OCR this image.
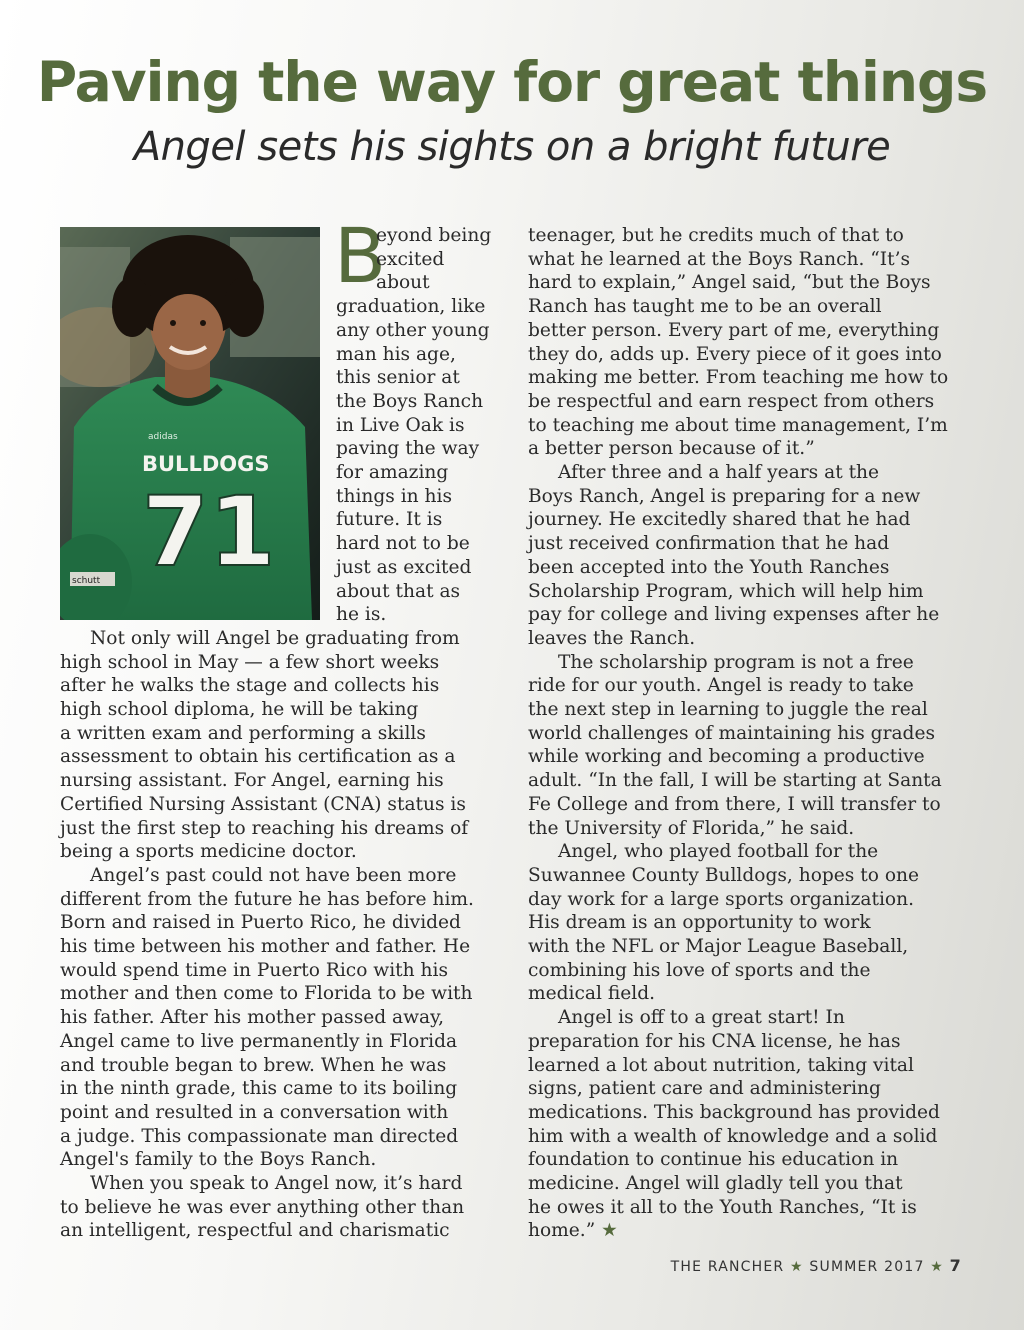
Paving the way for great things
Angel sets his sights on a bright future
adidas
BULLDOGS
71
schutt
B
eyond being
excited
about
graduation, like
any other young
man his age,
this senior at
the Boys Ranch
in Live Oak is
paving the way
for amazing
things in his
future. It is
hard not to be
just as excited
about that as
he is.
Not only will Angel be graduating from
high school in May — a few short weeks
after he walks the stage and collects his
high school diploma, he will be taking
a written exam and performing a skills
assessment to obtain his certification as a
nursing assistant. For Angel, earning his
Certified Nursing Assistant (CNA) status is
just the first step to reaching his dreams of
being a sports medicine doctor.
Angel’s past could not have been more
different from the future he has before him.
Born and raised in Puerto Rico, he divided
his time between his mother and father. He
would spend time in Puerto Rico with his
mother and then come to Florida to be with
his father. After his mother passed away,
Angel came to live permanently in Florida
and trouble began to brew. When he was
in the ninth grade, this came to its boiling
point and resulted in a conversation with
a judge. This compassionate man directed
Angel's family to the Boys Ranch.
When you speak to Angel now, it’s hard
to believe he was ever anything other than
an intelligent, respectful and charismatic
teenager, but he credits much of that to
what he learned at the Boys Ranch. “It’s
hard to explain,” Angel said, “but the Boys
Ranch has taught me to be an overall
better person. Every part of me, everything
they do, adds up. Every piece of it goes into
making me better. From teaching me how to
be respectful and earn respect from others
to teaching me about time management, I’m
a better person because of it.”
After three and a half years at the
Boys Ranch, Angel is preparing for a new
journey. He excitedly shared that he had
just received confirmation that he had
been accepted into the Youth Ranches
Scholarship Program, which will help him
pay for college and living expenses after he
leaves the Ranch.
The scholarship program is not a free
ride for our youth. Angel is ready to take
the next step in learning to juggle the real
world challenges of maintaining his grades
while working and becoming a productive
adult. “In the fall, I will be starting at Santa
Fe College and from there, I will transfer to
the University of Florida,” he said.
Angel, who played football for the
Suwannee County Bulldogs, hopes to one
day work for a large sports organization.
His dream is an opportunity to work
with the NFL or Major League Baseball,
combining his love of sports and the
medical field.
Angel is off to a great start! In
preparation for his CNA license, he has
learned a lot about nutrition, taking vital
signs, patient care and administering
medications. This background has provided
him with a wealth of knowledge and a solid
foundation to continue his education in
medicine. Angel will gladly tell you that
he owes it all to the Youth Ranches, “It is
home.” ★
THE RANCHER ★ SUMMER 2017 ★ 7
